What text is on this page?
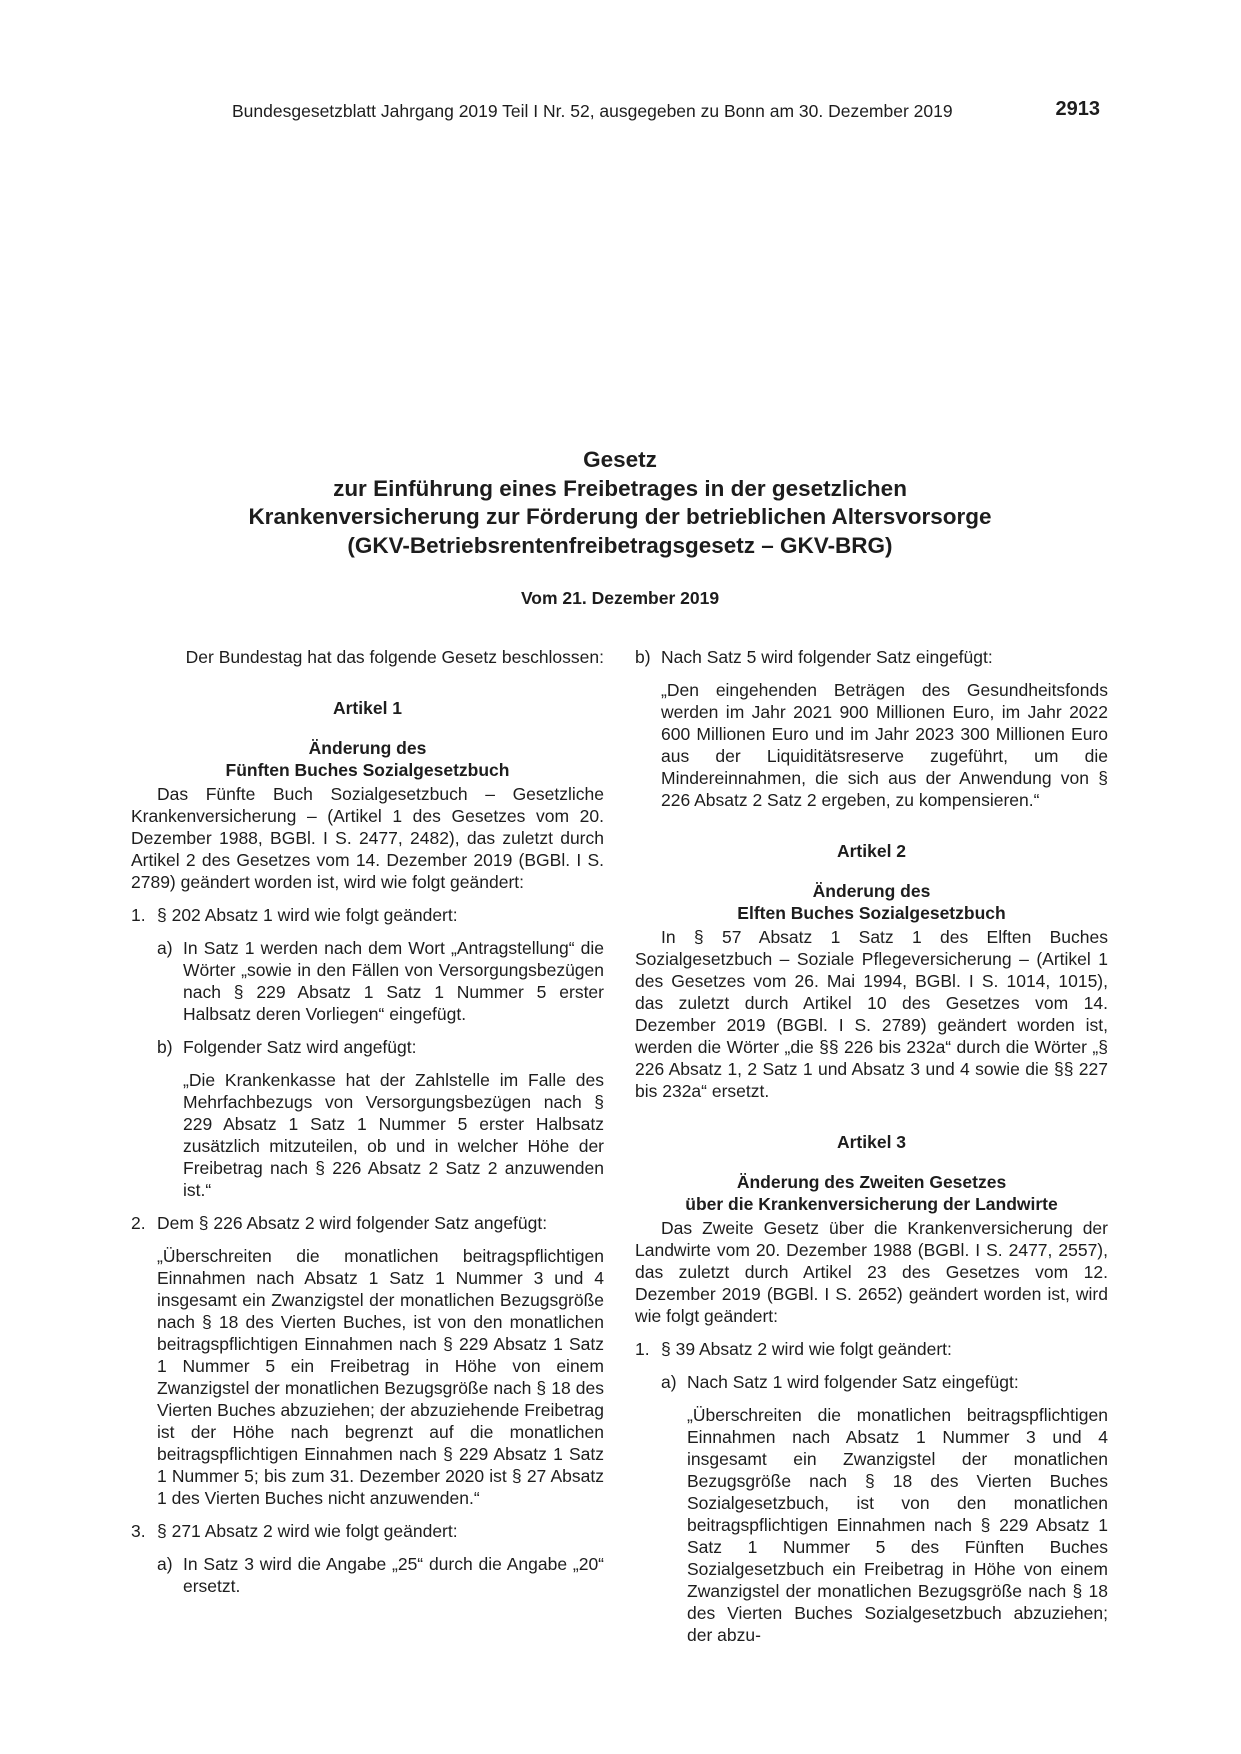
Bundesgesetzblatt Jahrgang 2019 Teil I Nr. 52, ausgegeben zu Bonn am 30. Dezember 2019	2913
Gesetz
zur Einführung eines Freibetrages in der gesetzlichen
Krankenversicherung zur Förderung der betrieblichen Altersvorsorge
(GKV-Betriebsrentenfreibetragsgesetz – GKV-BRG)
Vom 21. Dezember 2019
Der Bundestag hat das folgende Gesetz beschlossen:
Artikel 1
Änderung des
Fünften Buches Sozialgesetzbuch
Das Fünfte Buch Sozialgesetzbuch – Gesetzliche Krankenversicherung – (Artikel 1 des Gesetzes vom 20. Dezember 1988, BGBl. I S. 2477, 2482), das zuletzt durch Artikel 2 des Gesetzes vom 14. Dezember 2019 (BGBl. I S. 2789) geändert worden ist, wird wie folgt geändert:
1. § 202 Absatz 1 wird wie folgt geändert:
a) In Satz 1 werden nach dem Wort „Antragstellung“ die Wörter „sowie in den Fällen von Versorgungsbezügen nach § 229 Absatz 1 Satz 1 Nummer 5 erster Halbsatz deren Vorliegen“ eingefügt.
b) Folgender Satz wird angefügt:
„Die Krankenkasse hat der Zahlstelle im Falle des Mehrfachbezugs von Versorgungsbezügen nach § 229 Absatz 1 Satz 1 Nummer 5 erster Halbsatz zusätzlich mitzuteilen, ob und in welcher Höhe der Freibetrag nach § 226 Absatz 2 Satz 2 anzuwenden ist.“
2. Dem § 226 Absatz 2 wird folgender Satz angefügt:
„Überschreiten die monatlichen beitragspflichtigen Einnahmen nach Absatz 1 Satz 1 Nummer 3 und 4 insgesamt ein Zwanzigstel der monatlichen Bezugsgröße nach § 18 des Vierten Buches, ist von den monatlichen beitragspflichtigen Einnahmen nach § 229 Absatz 1 Satz 1 Nummer 5 ein Freibetrag in Höhe von einem Zwanzigstel der monatlichen Bezugsgröße nach § 18 des Vierten Buches abzuziehen; der abzuziehende Freibetrag ist der Höhe nach begrenzt auf die monatlichen beitragspflichtigen Einnahmen nach § 229 Absatz 1 Satz 1 Nummer 5; bis zum 31. Dezember 2020 ist § 27 Absatz 1 des Vierten Buches nicht anzuwenden.“
3. § 271 Absatz 2 wird wie folgt geändert:
a) In Satz 3 wird die Angabe „25“ durch die Angabe „20“ ersetzt.
b) Nach Satz 5 wird folgender Satz eingefügt:
„Den eingehenden Beträgen des Gesundheitsfonds werden im Jahr 2021 900 Millionen Euro, im Jahr 2022 600 Millionen Euro und im Jahr 2023 300 Millionen Euro aus der Liquiditätsreserve zugeführt, um die Mindereinnahmen, die sich aus der Anwendung von § 226 Absatz 2 Satz 2 ergeben, zu kompensieren.“
Artikel 2
Änderung des
Elften Buches Sozialgesetzbuch
In § 57 Absatz 1 Satz 1 des Elften Buches Sozialgesetzbuch – Soziale Pflegeversicherung – (Artikel 1 des Gesetzes vom 26. Mai 1994, BGBl. I S. 1014, 1015), das zuletzt durch Artikel 10 des Gesetzes vom 14. Dezember 2019 (BGBl. I S. 2789) geändert worden ist, werden die Wörter „die §§ 226 bis 232a“ durch die Wörter „§ 226 Absatz 1, 2 Satz 1 und Absatz 3 und 4 sowie die §§ 227 bis 232a“ ersetzt.
Artikel 3
Änderung des Zweiten Gesetzes
über die Krankenversicherung der Landwirte
Das Zweite Gesetz über die Krankenversicherung der Landwirte vom 20. Dezember 1988 (BGBl. I S. 2477, 2557), das zuletzt durch Artikel 23 des Gesetzes vom 12. Dezember 2019 (BGBl. I S. 2652) geändert worden ist, wird wie folgt geändert:
1. § 39 Absatz 2 wird wie folgt geändert:
a) Nach Satz 1 wird folgender Satz eingefügt:
„Überschreiten die monatlichen beitragspflichtigen Einnahmen nach Absatz 1 Nummer 3 und 4 insgesamt ein Zwanzigstel der monatlichen Bezugsgröße nach § 18 des Vierten Buches Sozialgesetzbuch, ist von den monatlichen beitragspflichtigen Einnahmen nach § 229 Absatz 1 Satz 1 Nummer 5 des Fünften Buches Sozialgesetzbuch ein Freibetrag in Höhe von einem Zwanzigstel der monatlichen Bezugsgröße nach § 18 des Vierten Buches Sozialgesetzbuch abzuziehen; der abzu-
